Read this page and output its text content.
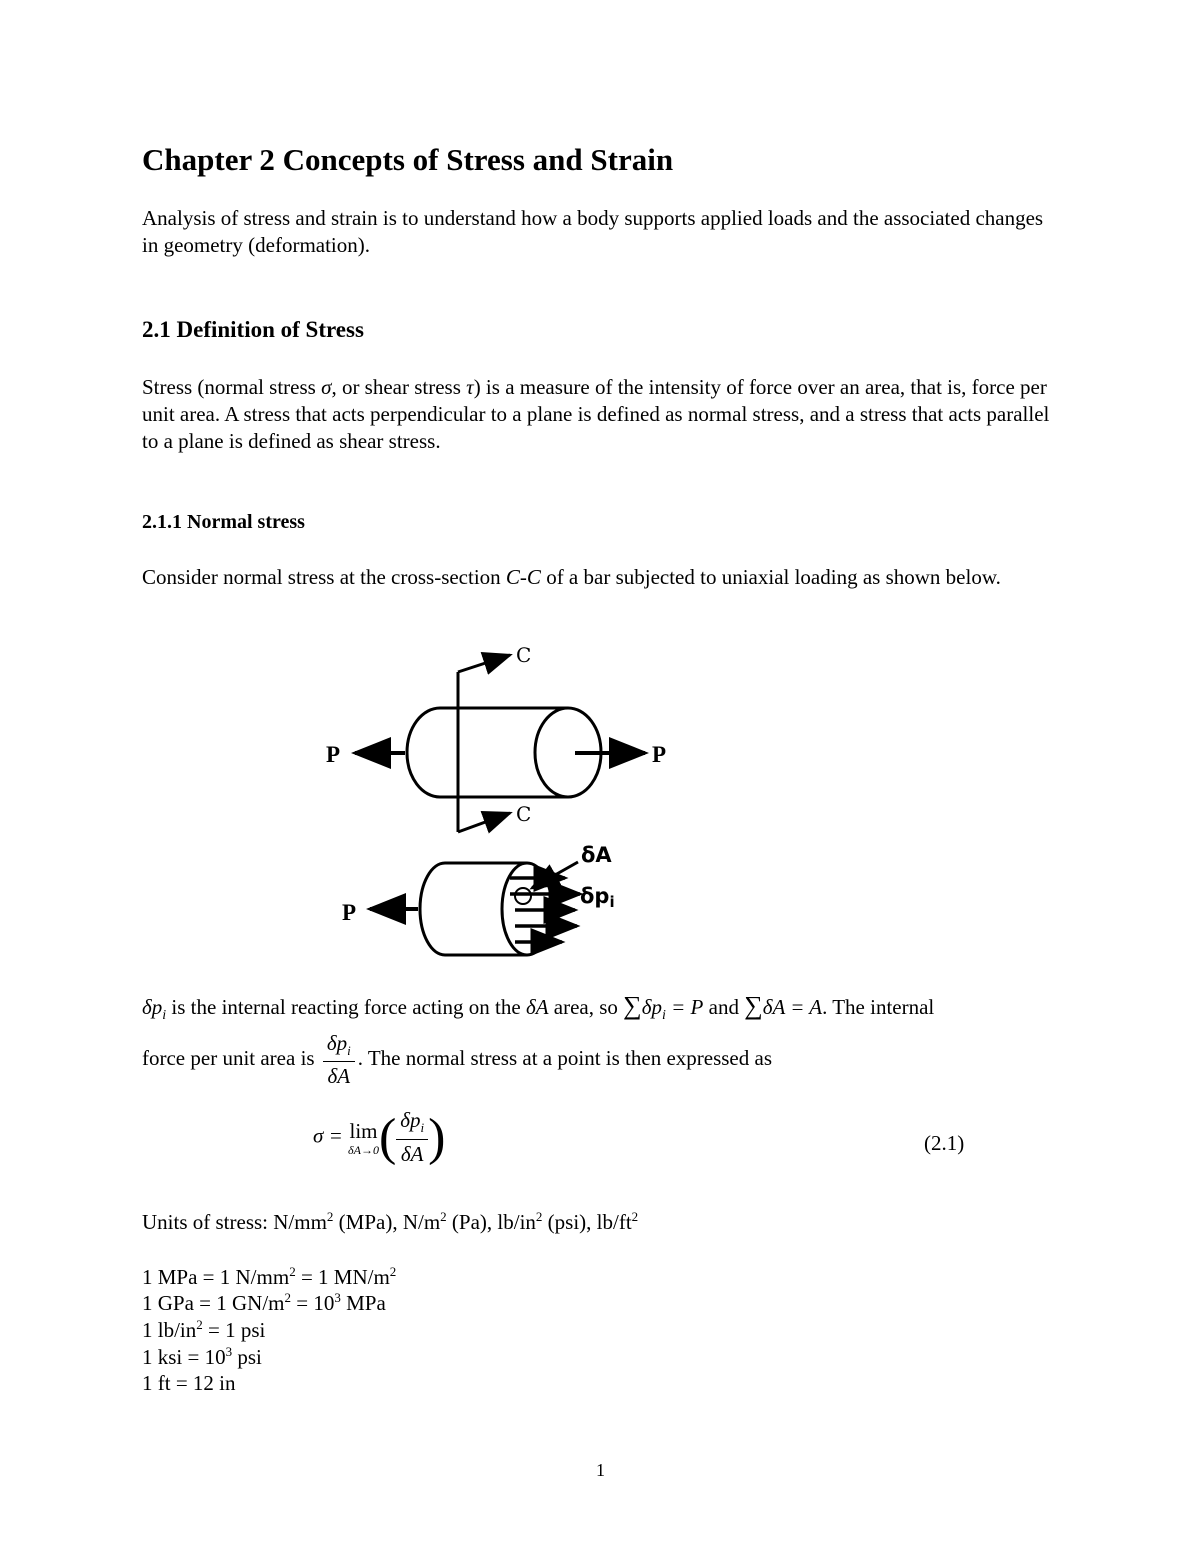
Chapter 2 Concepts of Stress and Strain
Analysis of stress and strain is to understand how a body supports applied loads and the associated changes in geometry (deformation).
2.1 Definition of Stress
Stress (normal stress σ, or shear stress τ) is a measure of the intensity of force over an area, that is, force per unit area. A stress that acts perpendicular to a plane is defined as normal stress, and a stress that acts parallel to a plane is defined as shear stress.
2.1.1 Normal stress
Consider normal stress at the cross-section C-C of a bar subjected to uniaxial loading as shown below.
C
C
P	P
P
δA
δpi
$\delta p_i$ is the internal reacting force acting on the δA area, so $\sum\delta p_i = P$ and ∑δA = A. The internal
force per unit area is $\frac{\delta p_i}{\delta A}$ . The normal stress at a point is then expressed as
σ = lim
δA→0 ( $\frac{\delta p_i}{\delta A}$ )	(2.1)
Units of stress: $N/mm^2$ (MPa), $N/m^2$ (Pa), $lb/in^2$ (psi), $lb/ft^2$
1 MPa = 1 $N/mm^2 = 1$ $MN/m^2$
1 GPa = 1 $GN/m^2 = 10^3$ MPa
1 $lb/in^2 = 1$ psi
1 ksi = $10^3$ psi
1 ft = 12 in
1
